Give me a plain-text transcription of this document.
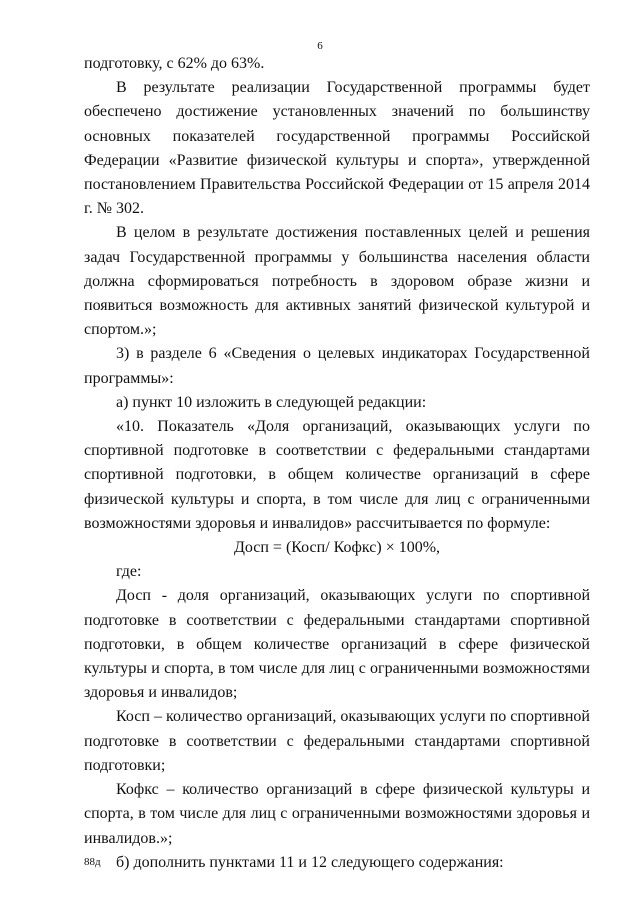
6

подготовку, с 62% до 63%.

В результате реализации Государственной программы будет обеспечено достижение установленных значений по большинству основных показателей государственной программы Российской Федерации «Развитие физической культуры и спорта», утвержденной постановлением Правительства Российской Федерации от 15 апреля 2014 г. № 302.

В целом в результате достижения поставленных целей и решения задач Государственной программы у большинства населения области должна сформироваться потребность в здоровом образе жизни и появиться возможность для активных занятий физической культурой и спортом.»;

3) в разделе 6 «Сведения о целевых индикаторах Государственной программы»:

а) пункт 10 изложить в следующей редакции:

«10. Показатель «Доля организаций, оказывающих услуги по спортивной подготовке в соответствии с федеральными стандартами спортивной подготовки, в общем количестве организаций в сфере физической культуры и спорта, в том числе для лиц с ограниченными возможностями здоровья и инвалидов» рассчитывается по формуле:

Досп = (Косп/ Кофкс) × 100%,

где:

Досп - доля организаций, оказывающих услуги по спортивной подготовке в соответствии с федеральными стандартами спортивной подготовки, в общем количестве организаций в сфере физической культуры и спорта, в том числе для лиц с ограниченными возможностями здоровья и инвалидов;

Косп – количество организаций, оказывающих услуги по спортивной подготовке в соответствии с федеральными стандартами спортивной подготовки;

Кофкс – количество организаций в сфере физической культуры и спорта, в том числе для лиц с ограниченными возможностями здоровья и инвалидов.»;

б) дополнить пунктами 11 и 12 следующего содержания:

88д
